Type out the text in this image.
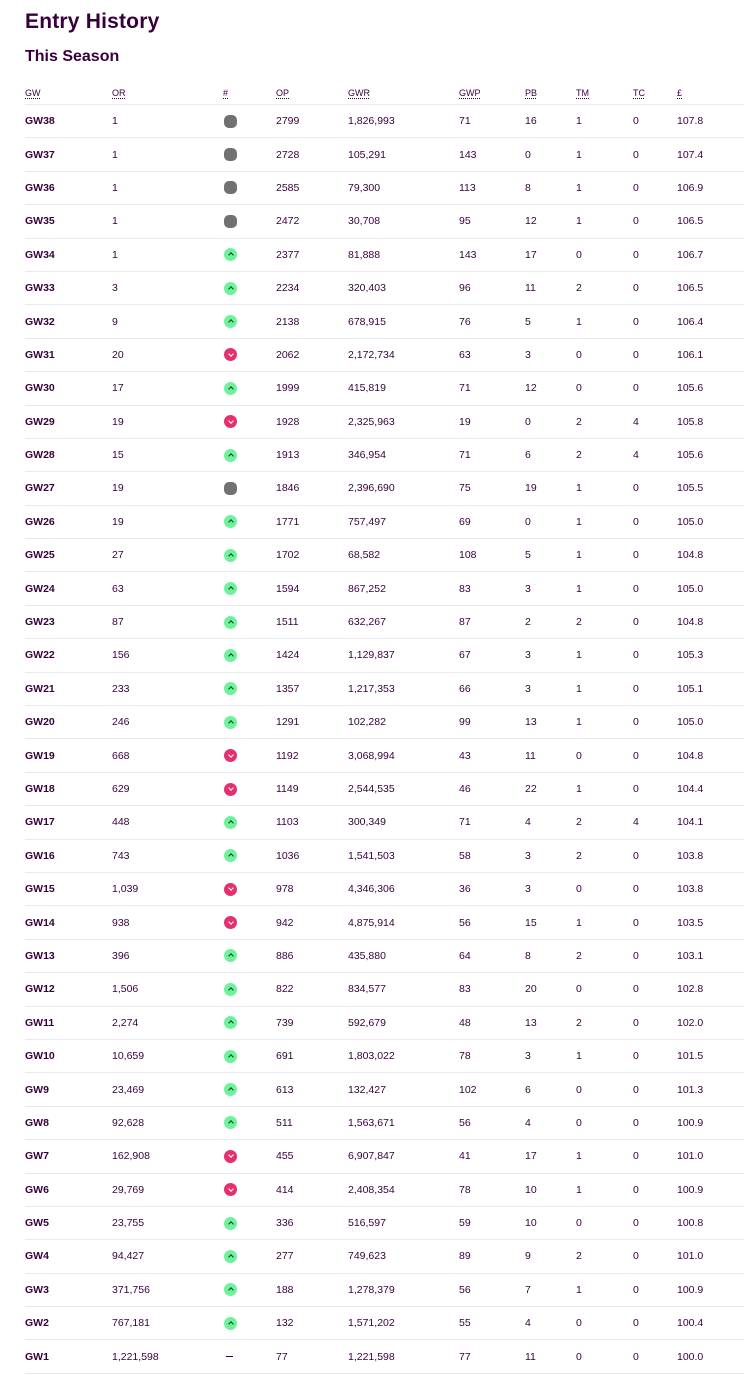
Entry History
This Season
GW	OR	#	OP	GWR	GWP	PB	TM	TC	£
GW38	1		2799	1,826,993	71	16	1	0	107.8
GW37	1		2728	105,291	143	0	1	0	107.4
GW36	1		2585	79,300	113	8	1	0	106.9
GW35	1		2472	30,708	95	12	1	0	106.5
GW34	1		2377	81,888	143	17	0	0	106.7
GW33	3		2234	320,403	96	11	2	0	106.5
GW32	9		2138	678,915	76	5	1	0	106.4
GW31	20		2062	2,172,734	63	3	0	0	106.1
GW30	17		1999	415,819	71	12	0	0	105.6
GW29	19		1928	2,325,963	19	0	2	4	105.8
GW28	15		1913	346,954	71	6	2	4	105.6
GW27	19		1846	2,396,690	75	19	1	0	105.5
GW26	19		1771	757,497	69	0	1	0	105.0
GW25	27		1702	68,582	108	5	1	0	104.8
GW24	63		1594	867,252	83	3	1	0	105.0
GW23	87		1511	632,267	87	2	2	0	104.8
GW22	156		1424	1,129,837	67	3	1	0	105.3
GW21	233		1357	1,217,353	66	3	1	0	105.1
GW20	246		1291	102,282	99	13	1	0	105.0
GW19	668		1192	3,068,994	43	11	0	0	104.8
GW18	629		1149	2,544,535	46	22	1	0	104.4
GW17	448		1103	300,349	71	4	2	4	104.1
GW16	743		1036	1,541,503	58	3	2	0	103.8
GW15	1,039		978	4,346,306	36	3	0	0	103.8
GW14	938		942	4,875,914	56	15	1	0	103.5
GW13	396		886	435,880	64	8	2	0	103.1
GW12	1,506		822	834,577	83	20	0	0	102.8
GW11	2,274		739	592,679	48	13	2	0	102.0
GW10	10,659		691	1,803,022	78	3	1	0	101.5
GW9	23,469		613	132,427	102	6	0	0	101.3
GW8	92,628		511	1,563,671	56	4	0	0	100.9
GW7	162,908		455	6,907,847	41	17	1	0	101.0
GW6	29,769		414	2,408,354	78	10	1	0	100.9
GW5	23,755		336	516,597	59	10	0	0	100.8
GW4	94,427		277	749,623	89	9	2	0	101.0
GW3	371,756		188	1,278,379	56	7	1	0	100.9
GW2	767,181		132	1,571,202	55	4	0	0	100.4
GW1	1,221,598		77	1,221,598	77	11	0	0	100.0
